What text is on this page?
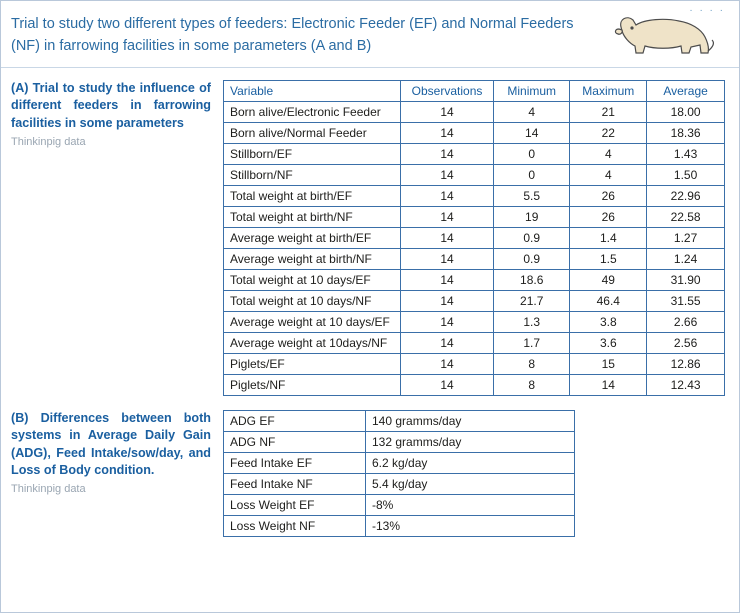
· · · ·
Trial to study two different types of feeders: Electronic Feeder (EF) and Normal Feeders
(NF) in farrowing facilities in some parameters (A and B)
(A) Trial to study the influence of different feeders in farrowing facilities in some parameters
Thinkinpig data
Variable	Observations	Minimum	Maximum	Average
Born alive/Electronic Feeder	14	4	21	18.00
Born alive/Normal Feeder	14	14	22	18.36
Stillborn/EF	14	0	4	1.43
Stillborn/NF	14	0	4	1.50
Total weight at birth/EF	14	5.5	26	22.96
Total weight at birth/NF	14	19	26	22.58
Average weight at birth/EF	14	0.9	1.4	1.27
Average weight at birth/NF	14	0.9	1.5	1.24
Total weight at 10 days/EF	14	18.6	49	31.90
Total weight at 10 days/NF	14	21.7	46.4	31.55
Average weight at 10 days/EF	14	1.3	3.8	2.66
Average weight at 10days/NF	14	1.7	3.6	2.56
Piglets/EF	14	8	15	12.86
Piglets/NF	14	8	14	12.43
(B) Differences between both systems in Average Daily Gain (ADG), Feed Intake/sow/day, and Loss of Body condition.
Thinkinpig data
ADG EF	140 gramms/day
ADG NF	132 gramms/day
Feed Intake EF	6.2 kg/day
Feed Intake NF	5.4 kg/day
Loss Weight EF	-8%
Loss Weight NF	-13%
